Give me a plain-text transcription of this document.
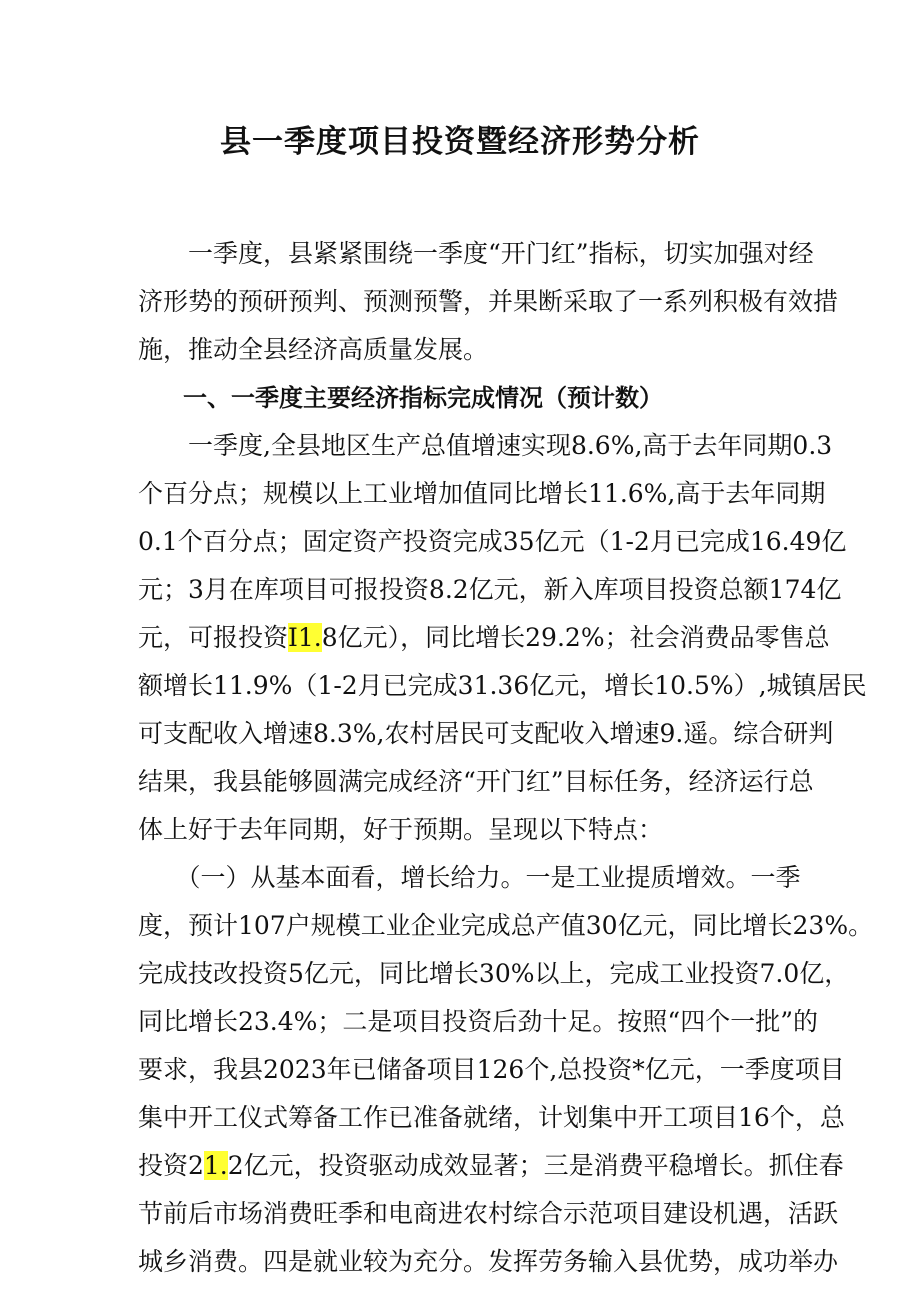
县一季度项目投资暨经济形势分析
　　一季度，县紧紧围绕一季度“开门红”指标，切实加强对经
济形势的预研预判、预测预警，并果断采取了一系列积极有效措
施，推动全县经济高质量发展。
一、一季度主要经济指标完成情况（预计数）
　　一季度,全县地区生产总值增速实现8.6%,高于去年同期0.3
个百分点；规模以上工业增加值同比增长11.6%,高于去年同期
0.1个百分点；固定资产投资完成35亿元（1-2月已完成16.49亿
元；3月在库项目可报投资8.2亿元，新入库项目投资总额174亿
元，可报投资I1.8亿元），同比增长29.2%；社会消费品零售总
额增长11.9%（1-2月已完成31.36亿元，增长10.5%）,城镇居民
可支配收入增速8.3%,农村居民可支配收入增速9.遥。综合研判
结果，我县能够圆满完成经济“开门红”目标任务，经济运行总
体上好于去年同期，好于预期。呈现以下特点：
　　（一）从基本面看，增长给力。一是工业提质增效。一季
度，预计107户规模工业企业完成总产值30亿元，同比增长23%。
完成技改投资5亿元，同比增长30%以上，完成工业投资7.0亿，
同比增长23.4%；二是项目投资后劲十足。按照“四个一批”的
要求，我县2023年已储备项目126个,总投资*亿元，一季度项目
集中开工仪式筹备工作已准备就绪，计划集中开工项目16个，总
投资21.2亿元，投资驱动成效显著；三是消费平稳增长。抓住春
节前后市场消费旺季和电商进农村综合示范项目建设机遇，活跃
城乡消费。四是就业较为充分。发挥劳务输入县优势，成功举办
